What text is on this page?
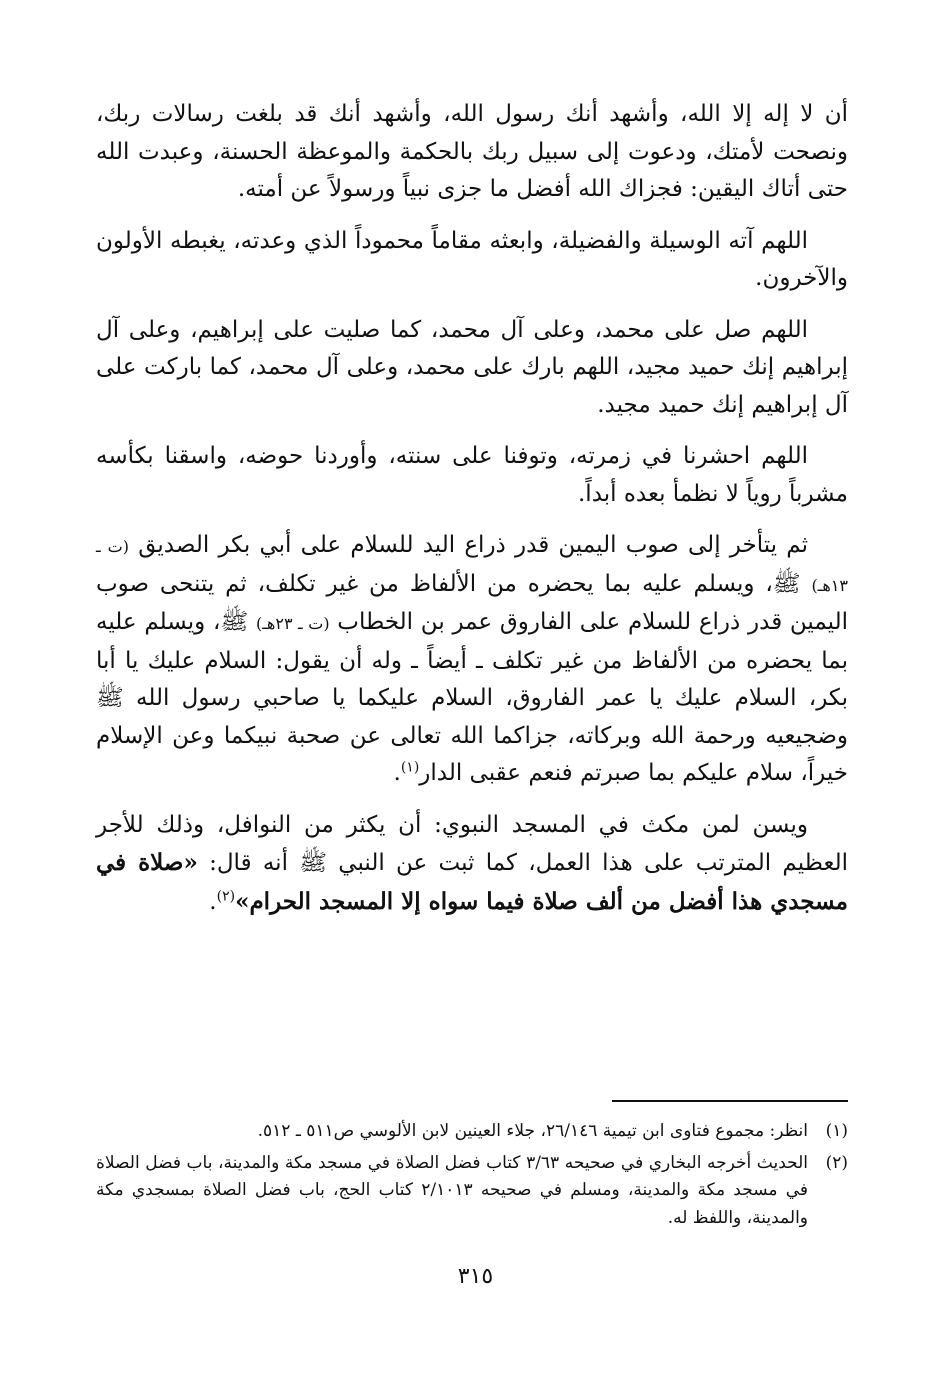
أن لا إله إلا الله، وأشهد أنك رسول الله، وأشهد أنك قد بلغت رسالات ربك، ونصحت لأمتك، ودعوت إلى سبيل ربك بالحكمة والموعظة الحسنة، وعبدت الله حتى أتاك اليقين: فجزاك الله أفضل ما جزى نبياً ورسولاً عن أمته.

اللهم آته الوسيلة والفضيلة، وابعثه مقاماً محموداً الذي وعدته، يغبطه الأولون والآخرون.

اللهم صل على محمد، وعلى آل محمد، كما صليت على إبراهيم، وعلى آل إبراهيم إنك حميد مجيد، اللهم بارك على محمد، وعلى آل محمد، كما باركت على آل إبراهيم إنك حميد مجيد.

اللهم احشرنا في زمرته، وتوفنا على سنته، وأوردنا حوضه، واسقنا بكأسه مشرباً روياً لا نظمأ بعده أبداً.

ثم يتأخر إلى صوب اليمين قدر ذراع اليد للسلام على أبي بكر الصديق (ت ـ ١٣هـ) ﷺ، ويسلم عليه بما يحضره من الألفاظ من غير تكلف، ثم يتنحى صوب اليمين قدر ذراع للسلام على الفاروق عمر بن الخطاب (ت ـ ٢٣هـ) ﷺ، ويسلم عليه بما يحضره من الألفاظ من غير تكلف ـ أيضاً ـ وله أن يقول: السلام عليك يا أبا بكر، السلام عليك يا عمر الفاروق، السلام عليكما يا صاحبي رسول الله ﷺ وضجيعيه ورحمة الله وبركاته، جزاكما الله تعالى عن صحبة نبيكما وعن الإسلام خيراً، سلام عليكم بما صبرتم فنعم عقبى الدار$^{(١)}$.

ويسن لمن مكث في المسجد النبوي: أن يكثر من النوافل، وذلك للأجر العظيم المترتب على هذا العمل، كما ثبت عن النبي ﷺ أنه قال: «صلاة في مسجدي هذا أفضل من ألف صلاة فيما سواه إلا المسجد الحرام»$^{(٢)}$.

(١)
انظر: مجموع فتاوى ابن تيمية ٢٦/١٤٦، جلاء العينين لابن الألوسي ص٥١١ ـ ٥١٢.
(٢)
الحديث أخرجه البخاري في صحيحه ٣/٦٣ كتاب فضل الصلاة في مسجد مكة والمدينة، باب فضل الصلاة في مسجد مكة والمدينة، ومسلم في صحيحه ٢/١٠١٣ كتاب الحج، باب فضل الصلاة بمسجدي مكة والمدينة، واللفظ له.
٣١٥
